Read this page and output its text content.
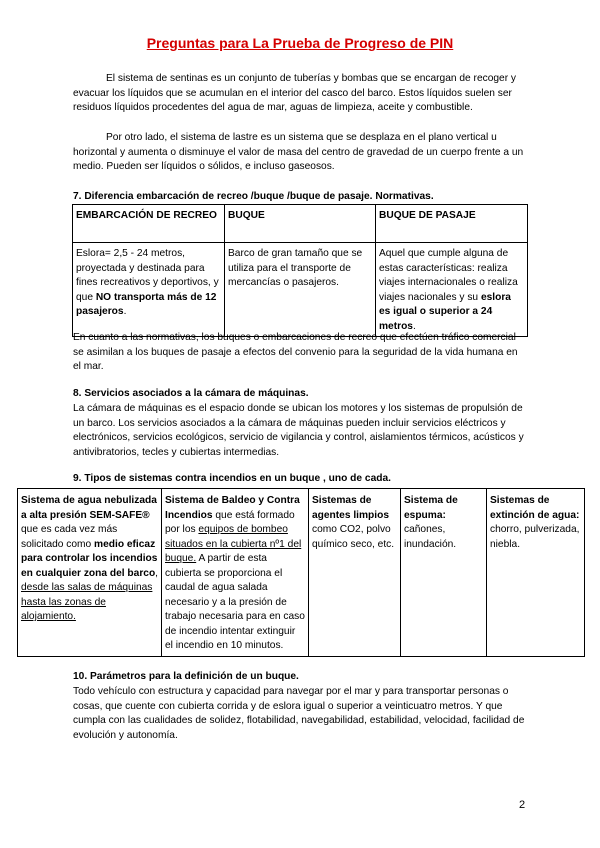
Preguntas para La Prueba de Progreso de PIN

El sistema de sentinas es un conjunto de tuberías y bombas que se encargan de recoger y evacuar los líquidos que se acumulan en el interior del casco del barco. Estos líquidos suelen ser residuos líquidos procedentes del agua de mar, aguas de limpieza, aceite y combustible.

Por otro lado, el sistema de lastre es un sistema que se desplaza en el plano vertical u horizontal y aumenta o disminuye el valor de masa del centro de gravedad de un cuerpo frente a un medio. Pueden ser líquidos o sólidos, e incluso gaseosos.

7. Diferencia embarcación de recreo /buque /buque de pasaje. Normativas.

EMBARCACIÓN DE RECREO	BUQUE	BUQUE DE PASAJE
Eslora= 2,5 - 24 metros, proyectada y destinada para fines recreativos y deportivos, y que NO transporta más de 12 pasajeros.	Barco de gran tamaño que se utiliza para el transporte de mercancías o pasajeros.	Aquel que cumple alguna de estas características: realiza viajes internacionales o realiza viajes nacionales y su eslora es igual o superior a 24 metros.

En cuanto a las normativas, los buques o embarcaciones de recreo que efectúen tráfico comercial se asimilan a los buques de pasaje a efectos del convenio para la seguridad de la vida humana en el mar.

8. Servicios asociados a la cámara de máquinas.

La cámara de máquinas es el espacio donde se ubican los motores y los sistemas de propulsión de un barco. Los servicios asociados a la cámara de máquinas pueden incluir servicios eléctricos y electrónicos, servicios ecológicos, servicio de vigilancia y control, aislamientos térmicos, acústicos y antivibratorios, tecles y cubiertas intermedias.

9. Tipos de sistemas contra incendios en un buque , uno de cada.

Sistema de agua nebulizada a alta presión SEM-SAFE® que es cada vez más solicitado como medio eficaz para controlar los incendios en cualquier zona del barco, desde las salas de máquinas hasta las zonas de alojamiento.	Sistema de Baldeo y Contra Incendios que está formado por los equipos de bombeo situados en la cubierta nº1 del buque. A partir de esta cubierta se proporciona el caudal de agua salada necesario y a la presión de trabajo necesaria para en caso de incendio intentar extinguir el incendio en 10 minutos.	Sistemas de agentes limpios como CO2, polvo químico seco, etc.	Sistema de espuma: cañones, inundación.	Sistemas de extinción de agua: chorro, pulverizada, niebla.

10. Parámetros para la definición de un buque.

Todo vehículo con estructura y capacidad para navegar por el mar y para transportar personas o cosas, que cuente con cubierta corrida y de eslora igual o superior a veinticuatro metros. Y que cumpla con las cualidades de solidez, flotabilidad, navegabilidad, estabilidad, velocidad, facilidad de evolución y autonomía.

2
